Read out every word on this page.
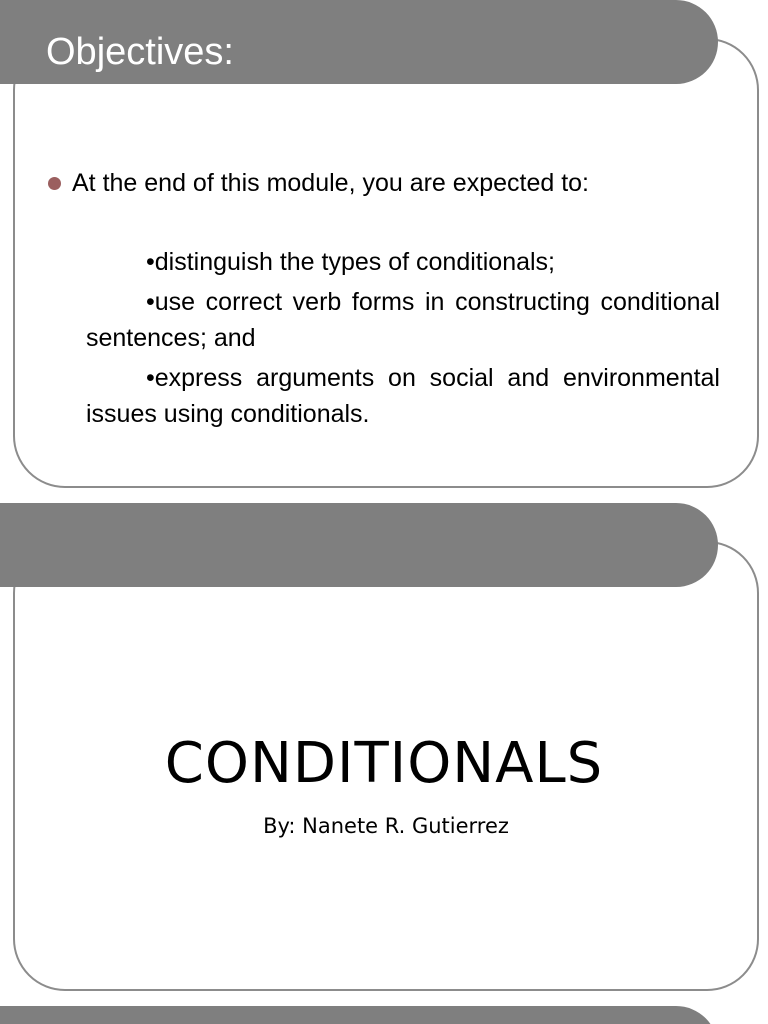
Objectives:
At the end of this module, you are expected to:

•distinguish the types of conditionals;

•use correct verb forms in constructing conditional sentences; and

•express arguments on social and environmental issues using conditionals.

CONDITIONALS
By: Nanete R. Gutierrez
